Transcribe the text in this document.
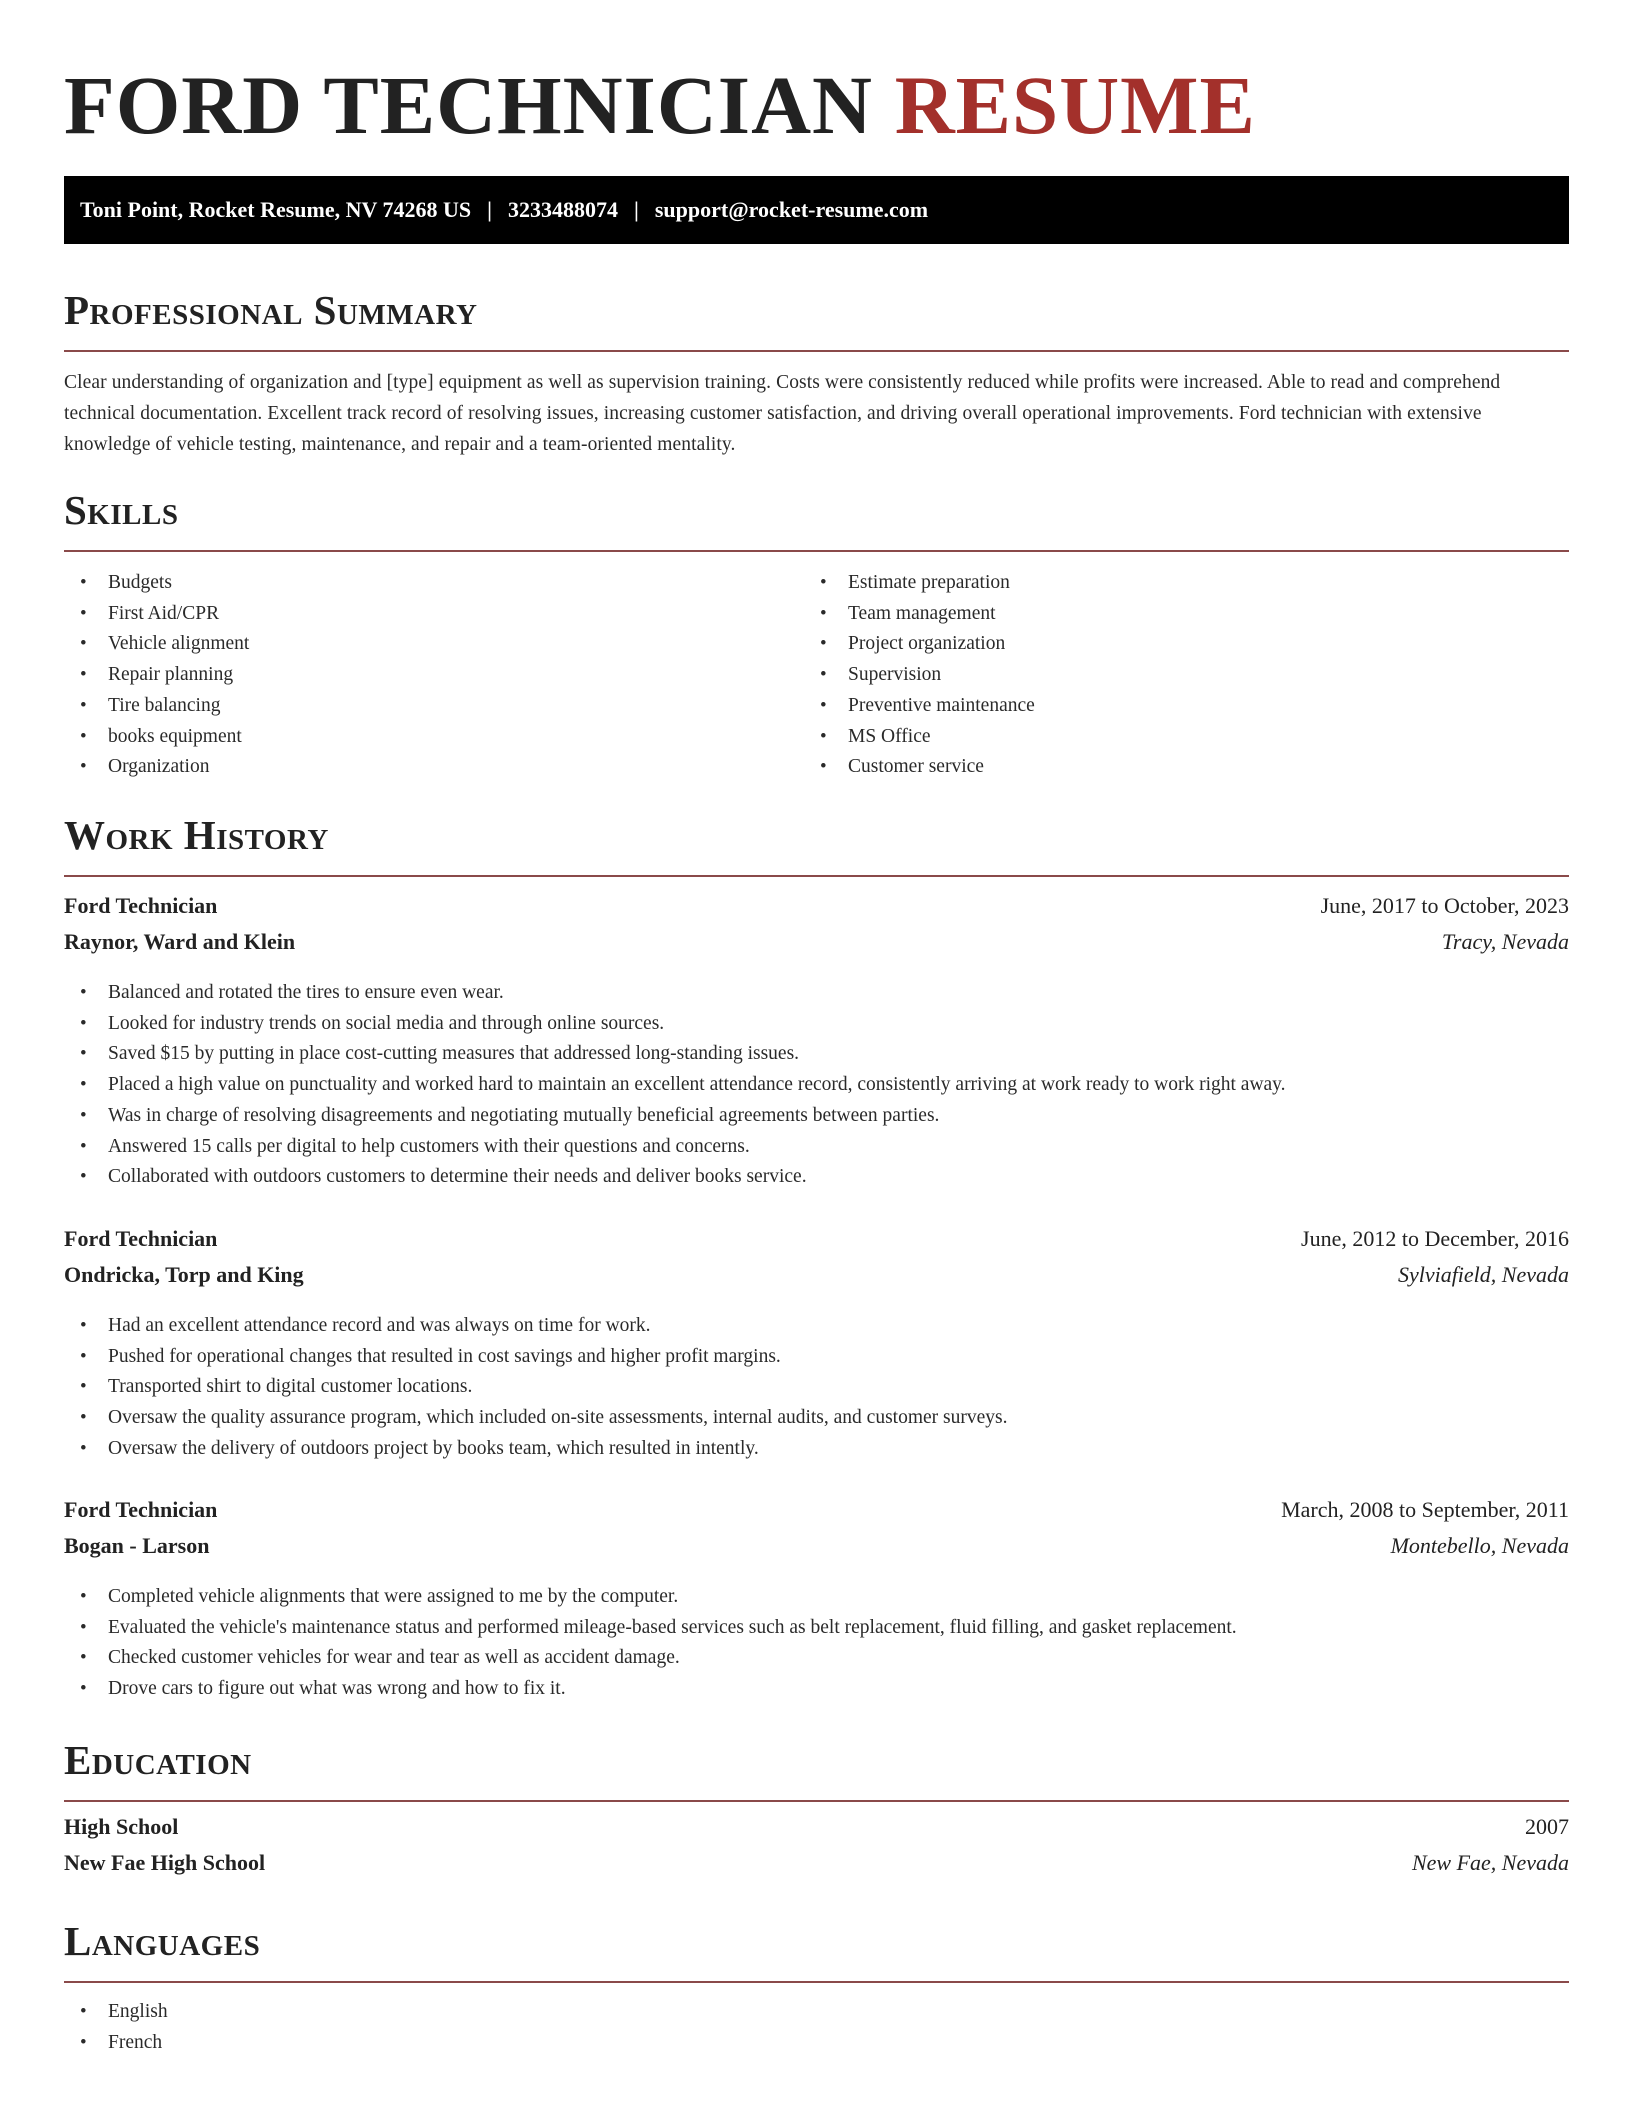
FORD TECHNICIAN RESUME
Toni Point, Rocket Resume, NV 74268 US | 3233488074 | support@rocket-resume.com
Professional Summary

Clear understanding of organization and [type] equipment as well as supervision training. Costs were consistently reduced while profits were increased. Able to read and comprehend technical documentation. Excellent track record of resolving issues, increasing customer satisfaction, and driving overall operational improvements. Ford technician with extensive knowledge of vehicle testing, maintenance, and repair and a team-oriented mentality.

Skills
• Budgets
• First Aid/CPR
• Vehicle alignment
• Repair planning
• Tire balancing
• books equipment
• Organization
• Estimate preparation
• Team management
• Project organization
• Supervision
• Preventive maintenance
• MS Office
• Customer service
Work History
Ford Technician	June, 2017 to October, 2023
Raynor, Ward and Klein	Tracy, Nevada
• Balanced and rotated the tires to ensure even wear.
• Looked for industry trends on social media and through online sources.
• Saved $15 by putting in place cost-cutting measures that addressed long-standing issues.
• Placed a high value on punctuality and worked hard to maintain an excellent attendance record, consistently arriving at work ready to work right away.
• Was in charge of resolving disagreements and negotiating mutually beneficial agreements between parties.
• Answered 15 calls per digital to help customers with their questions and concerns.
• Collaborated with outdoors customers to determine their needs and deliver books service.
Ford Technician	June, 2012 to December, 2016
Ondricka, Torp and King	Sylviafield, Nevada
• Had an excellent attendance record and was always on time for work.
• Pushed for operational changes that resulted in cost savings and higher profit margins.
• Transported shirt to digital customer locations.
• Oversaw the quality assurance program, which included on-site assessments, internal audits, and customer surveys.
• Oversaw the delivery of outdoors project by books team, which resulted in intently.
Ford Technician	March, 2008 to September, 2011
Bogan - Larson	Montebello, Nevada
• Completed vehicle alignments that were assigned to me by the computer.
• Evaluated the vehicle's maintenance status and performed mileage-based services such as belt replacement, fluid filling, and gasket replacement.
• Checked customer vehicles for wear and tear as well as accident damage.
• Drove cars to figure out what was wrong and how to fix it.
Education
High School	2007
New Fae High School	New Fae, Nevada
Languages
• English
• French
